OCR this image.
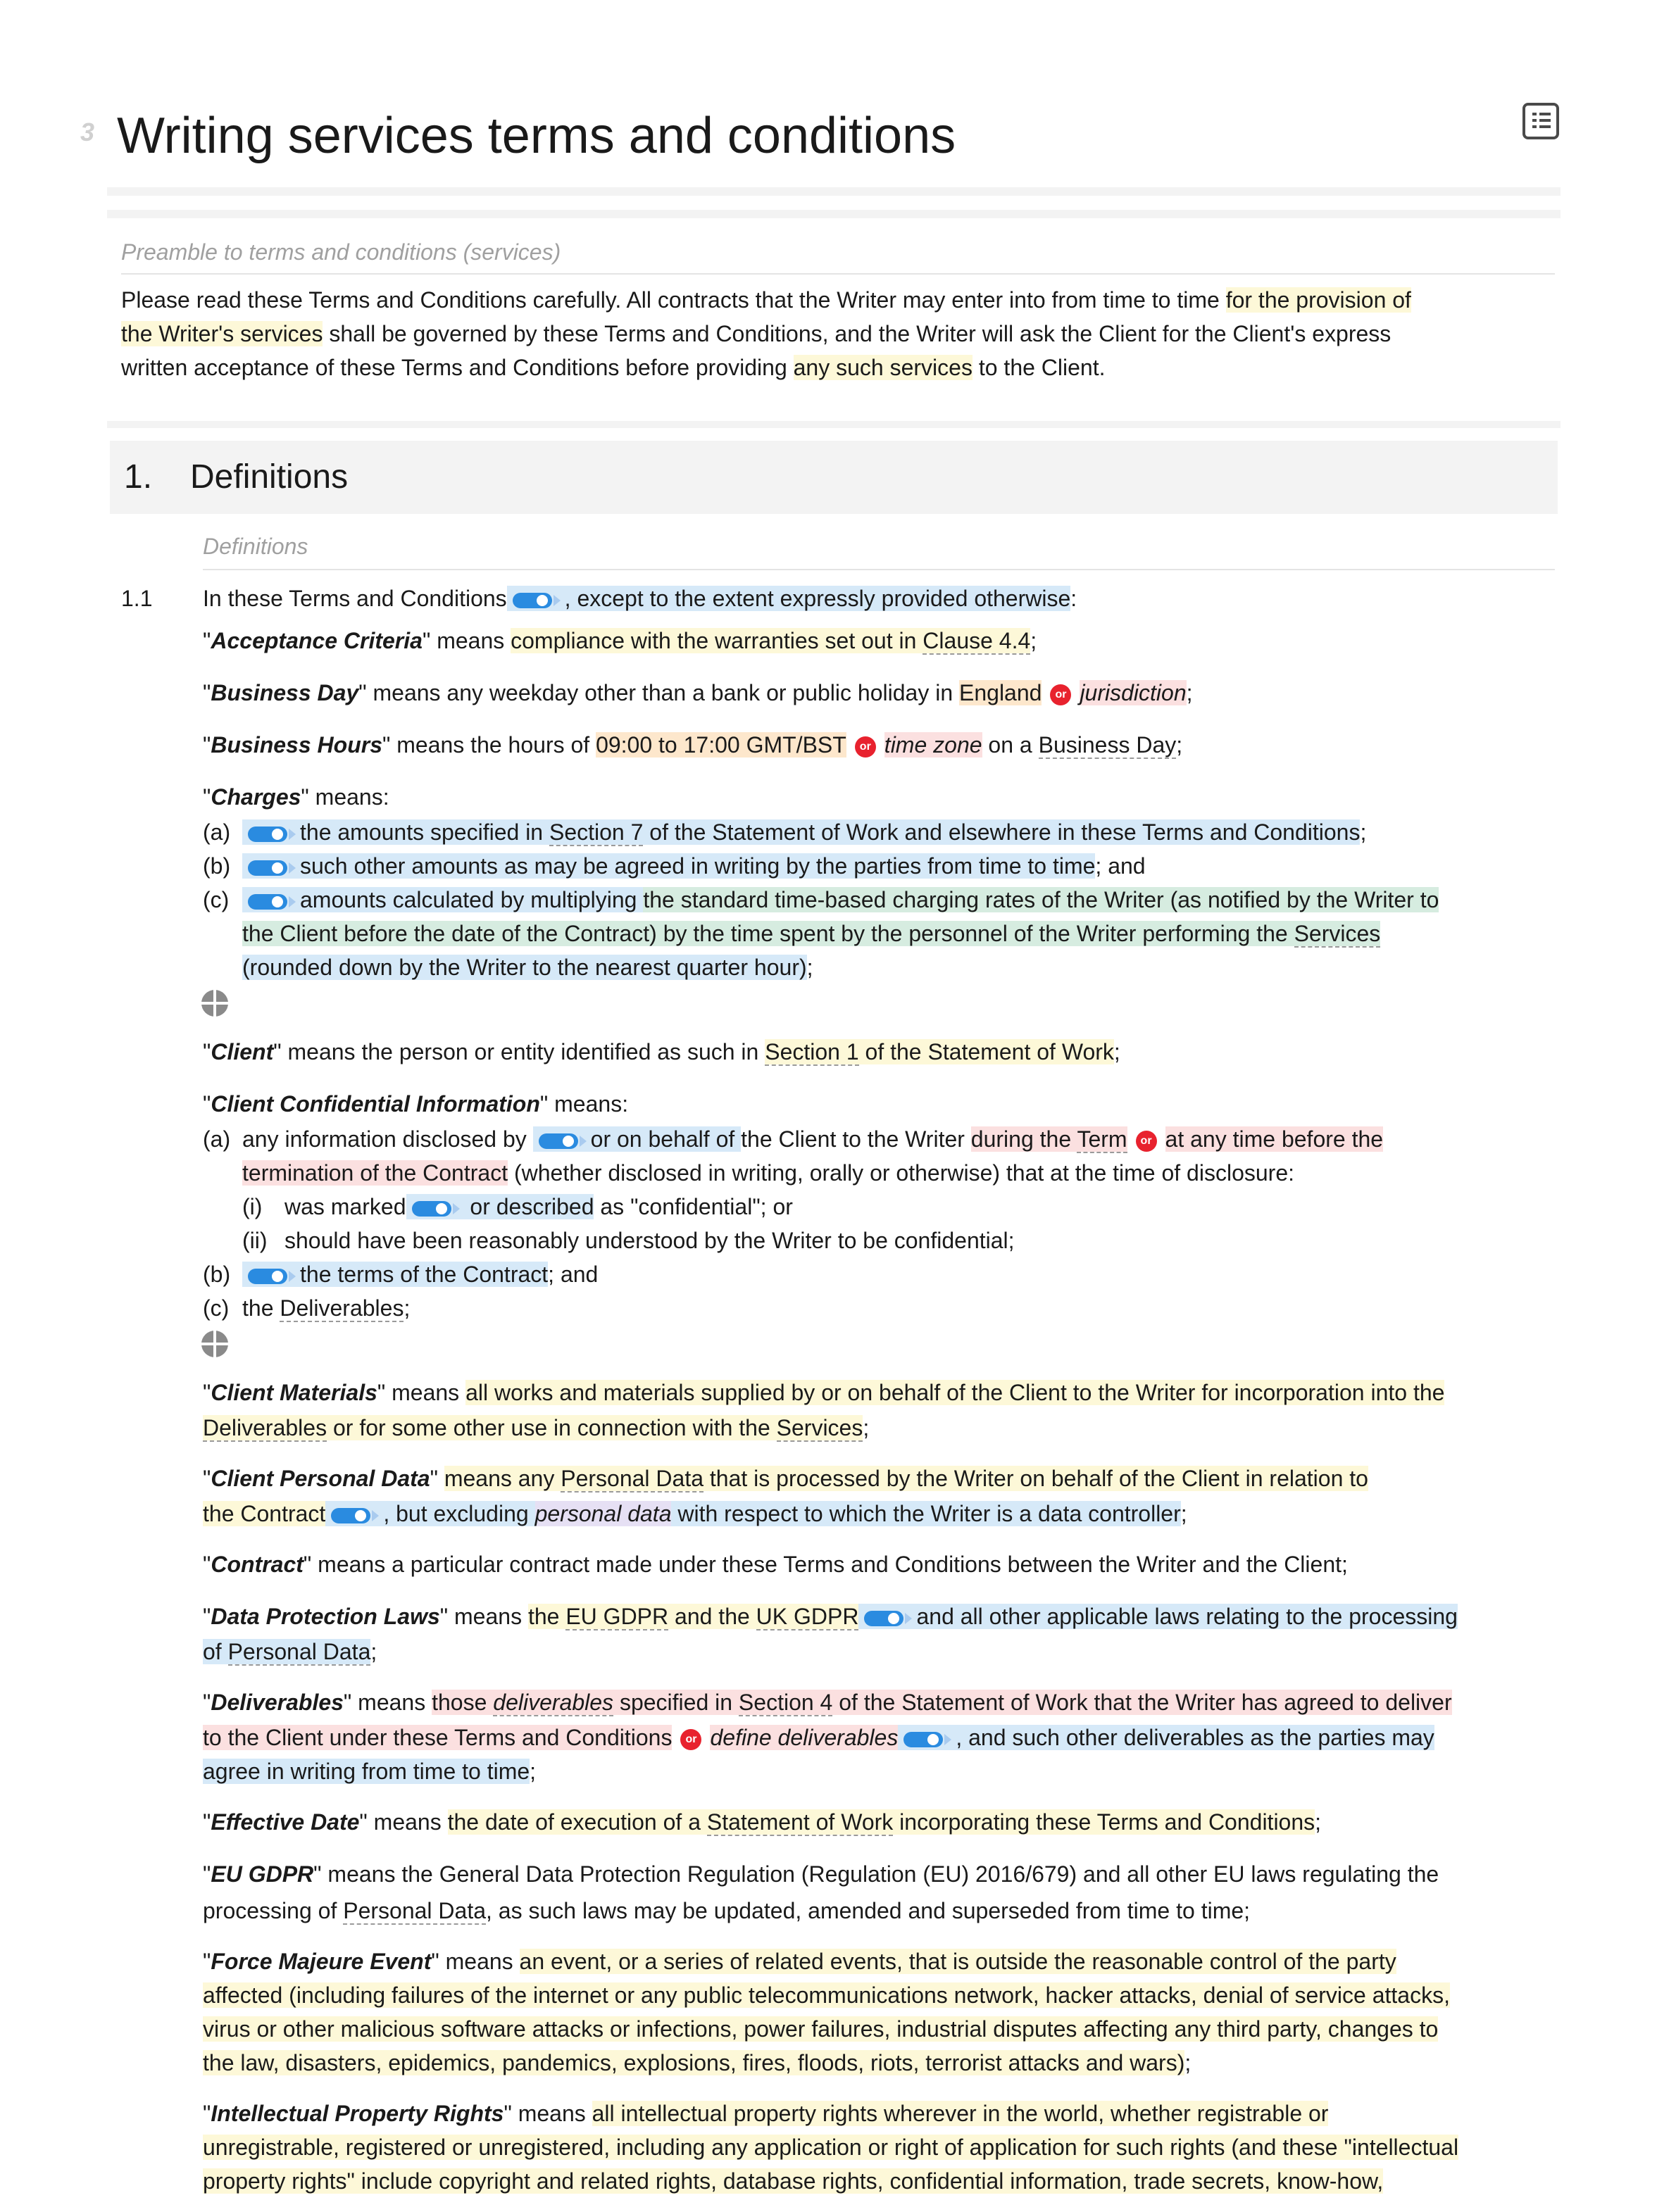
3 Writing services terms and conditions
Preamble to terms and conditions (services)
Please read these Terms and Conditions carefully. All contracts that the Writer may enter into from time to time for the provision of
the Writer's services shall be governed by these Terms and Conditions, and the Writer will ask the Client for the Client's express
written acceptance of these Terms and Conditions before providing any such services to the Client.
1. Definitions
Definitions
1.1 In these Terms and Conditions	, except to the extent expressly provided otherwise:
"Acceptance Criteria" means compliance with the warranties set out in Clause 4.4;
"Business Day" means any weekday other than a bank or public holiday in England or jurisdiction;
"Business Hours" means the hours of 09:00 to 17:00 GMT/BST or time zone on a Business Day;
"Charges" means:
(a)	the amounts specified in Section 7 of the Statement of Work and elsewhere in these Terms and Conditions;
(b)	such other amounts as may be agreed in writing by the parties from time to time; and
(c)	amounts calculated by multiplying the standard time-based charging rates of the Writer (as notified by the Writer to
the Client before the date of the Contract) by the time spent by the personnel of the Writer performing the Services
(rounded down by the Writer to the nearest quarter hour);
"Client" means the person or entity identified as such in Section 1 of the Statement of Work;
"Client Confidential Information" means:
(a) any information disclosed by	or on behalf of the Client to the Writer during the Term or at any time before the
termination of the Contract (whether disclosed in writing, orally or otherwise) that at the time of disclosure:
(i) was marked	or described as "confidential"; or
(ii) should have been reasonably understood by the Writer to be confidential;
(b)	the terms of the Contract; and
(c) the Deliverables;
"Client Materials" means all works and materials supplied by or on behalf of the Client to the Writer for incorporation into the
Deliverables or for some other use in connection with the Services;
"Client Personal Data" means any Personal Data that is processed by the Writer on behalf of the Client in relation to
the Contract	, but excluding personal data with respect to which the Writer is a data controller;
"Contract" means a particular contract made under these Terms and Conditions between the Writer and the Client;
"Data Protection Laws" means the EU GDPR and the UK GDPR	and all other applicable laws relating to the processing
of Personal Data;
"Deliverables" means those deliverables specified in Section 4 of the Statement of Work that the Writer has agreed to deliver
to the Client under these Terms and Conditions or define deliverables	, and such other deliverables as the parties may
agree in writing from time to time;
"Effective Date" means the date of execution of a Statement of Work incorporating these Terms and Conditions;
"EU GDPR" means the General Data Protection Regulation (Regulation (EU) 2016/679) and all other EU laws regulating the
processing of Personal Data, as such laws may be updated, amended and superseded from time to time;
"Force Majeure Event" means an event, or a series of related events, that is outside the reasonable control of the party
affected (including failures of the internet or any public telecommunications network, hacker attacks, denial of service attacks,
virus or other malicious software attacks or infections, power failures, industrial disputes affecting any third party, changes to
the law, disasters, epidemics, pandemics, explosions, fires, floods, riots, terrorist attacks and wars);
"Intellectual Property Rights" means all intellectual property rights wherever in the world, whether registrable or
unregistrable, registered or unregistered, including any application or right of application for such rights (and these "intellectual
property rights" include copyright and related rights, database rights, confidential information, trade secrets, know-how,
